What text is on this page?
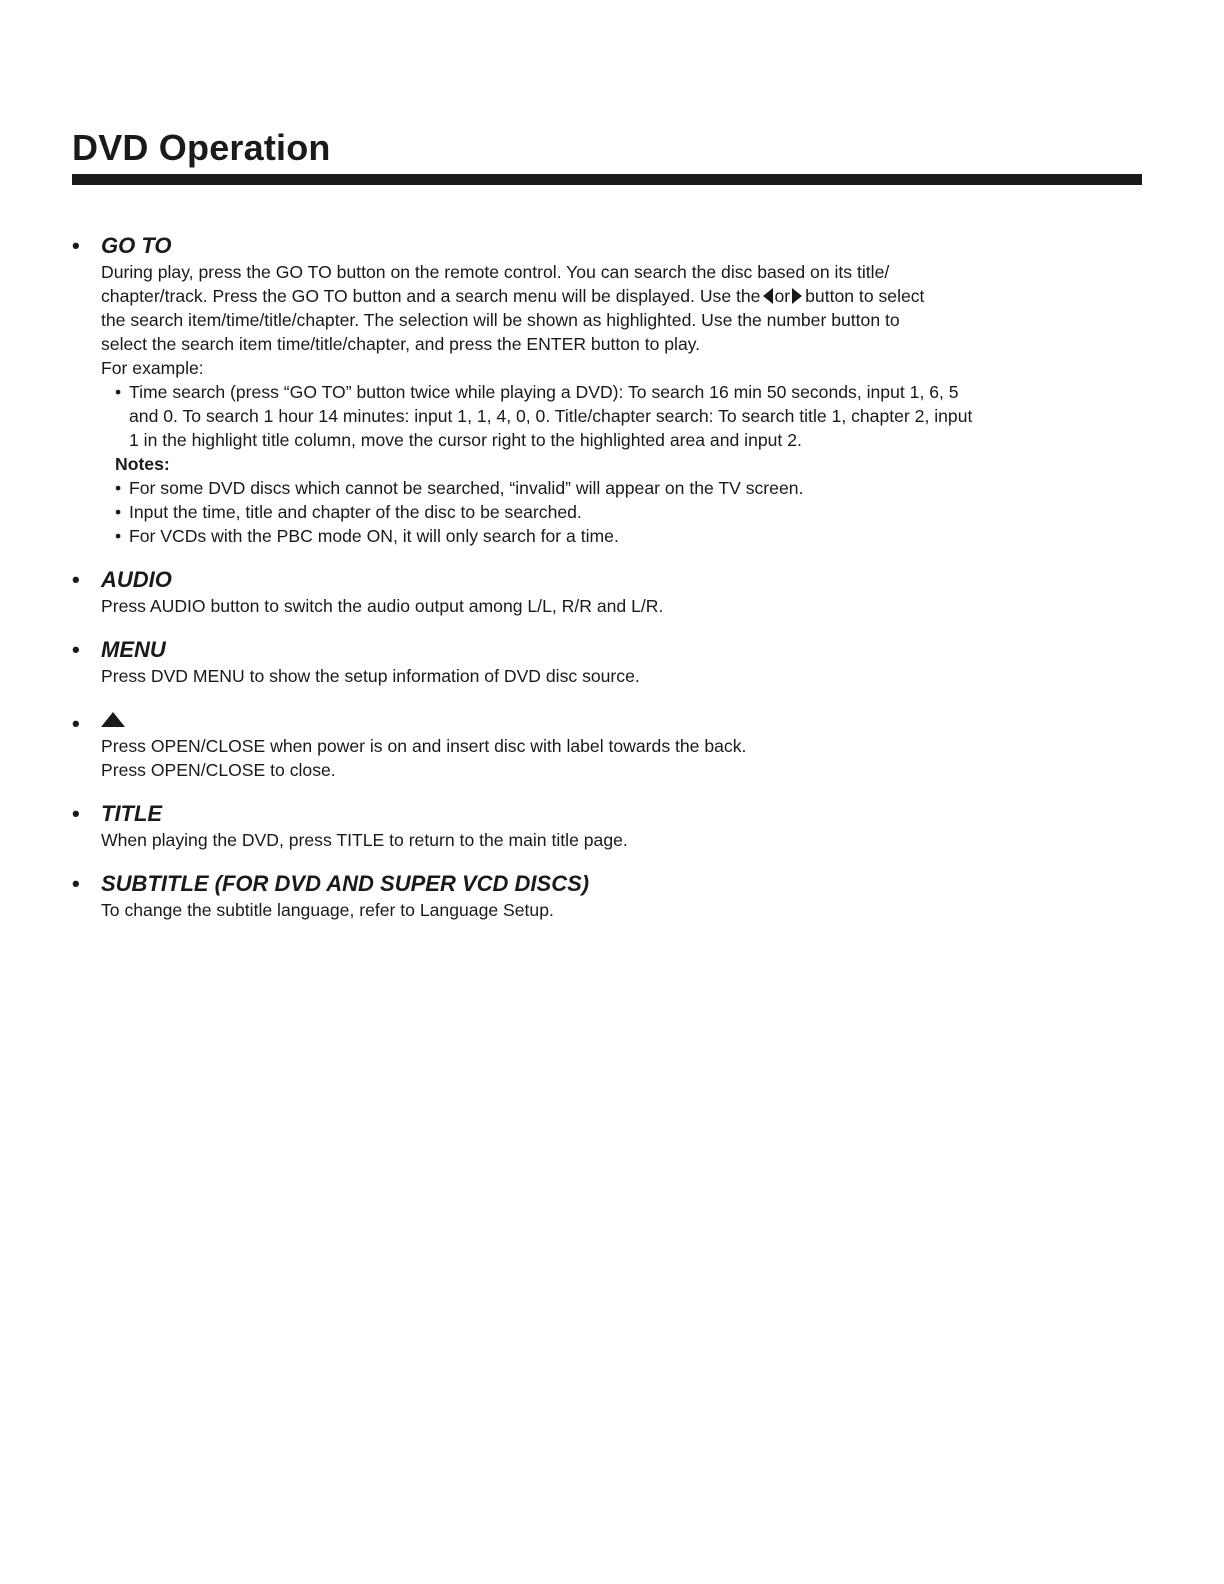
DVD Operation
• GO TO

During play, press the GO TO button on the remote control. You can search the disc based on its title/

chapter/track. Press the GO TO button and a search menu will be displayed. Use the or button to select

the search item/time/title/chapter. The selection will be shown as highlighted. Use the number button to

select the search item time/title/chapter, and press the ENTER button to play.

For example:

• Time search (press “GO TO” button twice while playing a DVD): To search 16 min 50 seconds, input 1, 6, 5

and 0. To search 1 hour 14 minutes: input 1, 1, 4, 0, 0. Title/chapter search: To search title 1, chapter 2, input

1 in the highlight title column, move the cursor right to the highlighted area and input 2.

Notes:

• For some DVD discs which cannot be searched, “invalid” will appear on the TV screen.

• Input the time, title and chapter of the disc to be searched.

• For VCDs with the PBC mode ON, it will only search for a time.

• AUDIO

Press AUDIO button to switch the audio output among L/L, R/R and L/R.

• MENU

Press DVD MENU to show the setup information of DVD disc source.

•

Press OPEN/CLOSE when power is on and insert disc with label towards the back.

Press OPEN/CLOSE to close.

• TITLE

When playing the DVD, press TITLE to return to the main title page.

• SUBTITLE (FOR DVD AND SUPER VCD DISCS)

To change the subtitle language, refer to Language Setup.
